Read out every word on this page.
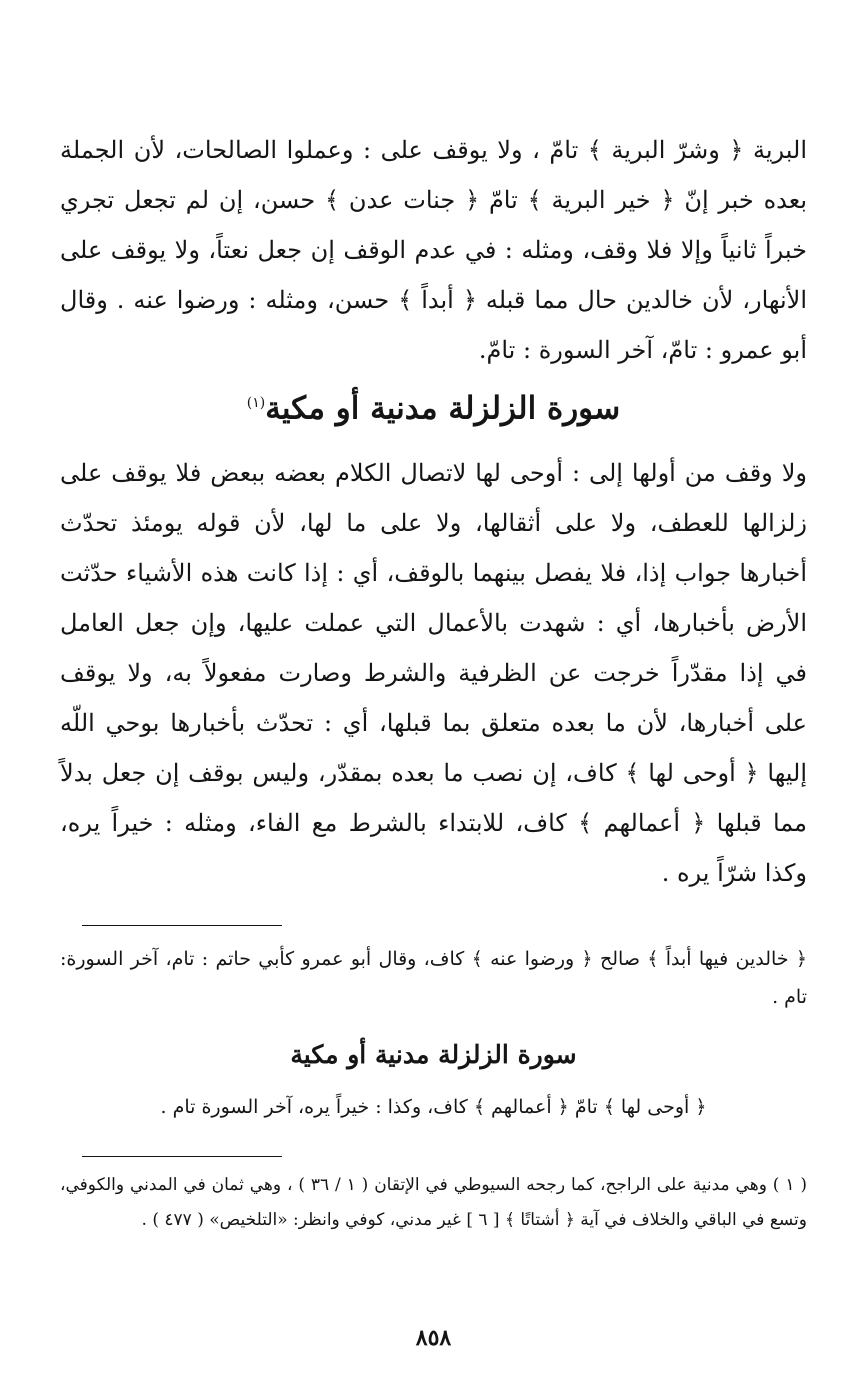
البرية ﴿ وشرّ البرية ﴾ تامّ ، ولا يوقف على : وعملوا الصالحات، لأن الجملة بعده خبر إنّ ﴿ خير البرية ﴾ تامّ ﴿ جنات عدن ﴾ حسن، إن لم تجعل تجري خبراً ثانياً وإلا فلا وقف، ومثله : في عدم الوقف إن جعل نعتاً، ولا يوقف على الأنهار، لأن خالدين حال مما قبله ﴿ أبداً ﴾ حسن، ومثله : ورضوا عنه . وقال أبو عمرو : تامّ، آخر السورة : تامّ.

سورة الزلزلة مدنية أو مكية$^{(١)}$

ولا وقف من أولها إلى : أوحى لها لاتصال الكلام بعضه ببعض فلا يوقف على زلزالها للعطف، ولا على أثقالها، ولا على ما لها، لأن قوله يومئذ تحدّث أخبارها جواب إذا، فلا يفصل بينهما بالوقف، أي : إذا كانت هذه الأشياء حدّثت الأرض بأخبارها، أي : شهدت بالأعمال التي عملت عليها، وإن جعل العامل في إذا مقدّراً خرجت عن الظرفية والشرط وصارت مفعولاً به، ولا يوقف على أخبارها، لأن ما بعده متعلق بما قبلها، أي : تحدّث بأخبارها بوحي اللّه إليها ﴿ أوحى لها ﴾ كاف، إن نصب ما بعده بمقدّر، وليس بوقف إن جعل بدلاً مما قبلها ﴿ أعمالهم ﴾ كاف، للابتداء بالشرط مع الفاء، ومثله : خيراً يره، وكذا شرّاً يره .

﴿ خالدين فيها أبداً ﴾ صالح ﴿ ورضوا عنه ﴾ كاف، وقال أبو عمرو كأبي حاتم : تام، آخر السورة: تام .

سورة الزلزلة مدنية أو مكية
﴿ أوحى لها ﴾ تامّ ﴿ أعمالهم ﴾ كاف، وكذا : خيراً يره، آخر السورة تام .

( ١ ) وهي مدنية على الراجح، كما رجحه السيوطي في الإتقان ( ١ / ٣٦ ) ، وهي ثمان في المدني والكوفي، وتسع في الباقي والخلاف في آية ﴿ أشتاتًا ﴾ [ ٦ ] غير مدني، كوفي وانظر: «التلخيص» ( ٤٧٧ ) .

٨٥٨
